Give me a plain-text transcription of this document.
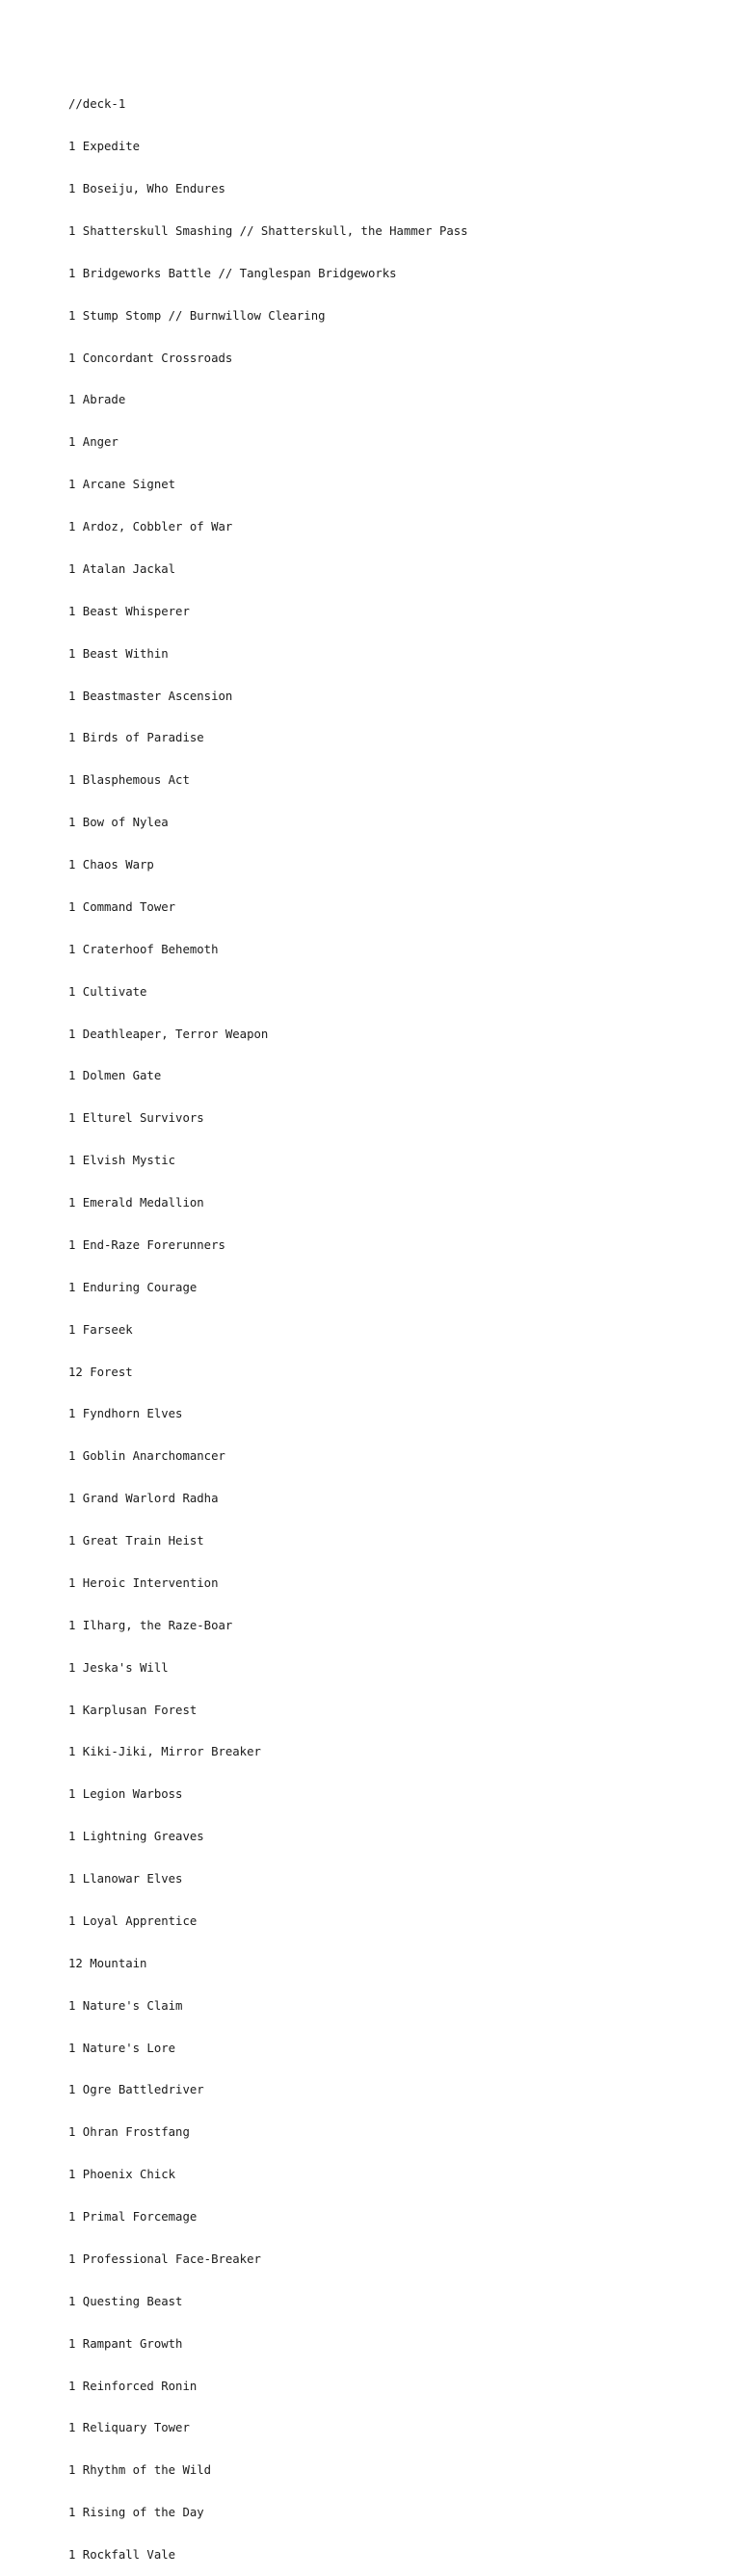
//deck-1

1 Expedite

1 Boseiju, Who Endures

1 Shatterskull Smashing // Shatterskull, the Hammer Pass

1 Bridgeworks Battle // Tanglespan Bridgeworks

1 Stump Stomp // Burnwillow Clearing

1 Concordant Crossroads

1 Abrade

1 Anger

1 Arcane Signet

1 Ardoz, Cobbler of War

1 Atalan Jackal

1 Beast Whisperer

1 Beast Within

1 Beastmaster Ascension

1 Birds of Paradise

1 Blasphemous Act

1 Bow of Nylea

1 Chaos Warp

1 Command Tower

1 Craterhoof Behemoth

1 Cultivate

1 Deathleaper, Terror Weapon

1 Dolmen Gate

1 Elturel Survivors

1 Elvish Mystic

1 Emerald Medallion

1 End-Raze Forerunners

1 Enduring Courage

1 Farseek

12 Forest

1 Fyndhorn Elves

1 Goblin Anarchomancer

1 Grand Warlord Radha

1 Great Train Heist

1 Heroic Intervention

1 Ilharg, the Raze-Boar

1 Jeska's Will

1 Karplusan Forest

1 Kiki-Jiki, Mirror Breaker

1 Legion Warboss

1 Lightning Greaves

1 Llanowar Elves

1 Loyal Apprentice

12 Mountain

1 Nature's Claim

1 Nature's Lore

1 Ogre Battledriver

1 Ohran Frostfang

1 Phoenix Chick

1 Primal Forcemage

1 Professional Face-Breaker

1 Questing Beast

1 Rampant Growth

1 Reinforced Ronin

1 Reliquary Tower

1 Rhythm of the Wild

1 Rising of the Day

1 Rockfall Vale
